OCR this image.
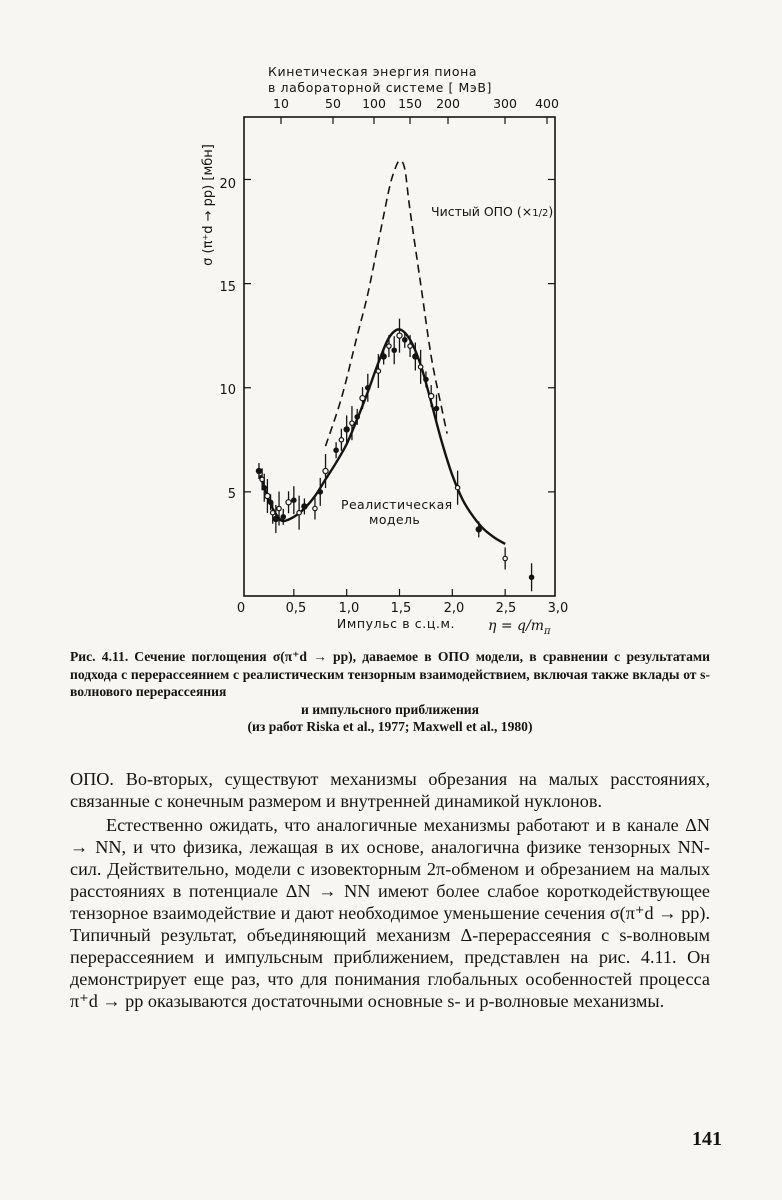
Кинетическая энергия пиона
в лабораторной системе [ МэВ]
10	50 100 150 200	300 400
σ (π⁺d → pp) [мбн]
5
10
15
20
0	0,5 1,0 1,5 2,0 2,5 3,0
Импульс в с.ц.м. $\eta = q/m_\pi$
Чистый ОПО (×1/2)
Реалистическая
модель
Рис. 4.11. Сечение поглощения σ(π⁺d → pp), даваемое в ОПО модели, в сравнении с результатами подхода с перерассеянием с реалистическим тензорным взаимодействием, включая также вклады от s-волнового перерассеяния
и импульсного приближения
(из работ Riska et al., 1977; Maxwell et al., 1980)

ОПО. Во-вторых, существуют механизмы обрезания на малых расстояниях, связанные с конечным размером и внутренней динамикой нуклонов.

Естественно ожидать, что аналогичные механизмы работают и в канале ΔN → NN, и что физика, лежащая в их основе, аналогична физике тензорных NN-сил. Действительно, модели с изовекторным 2π-обменом и обрезанием на малых расстояниях в потенциале ΔN → NN имеют более слабое короткодействующее тензорное взаимодействие и дают необходимое уменьшение сечения σ(π⁺d → pp). Типичный результат, объединяющий механизм Δ-перерассеяния с s-волновым перерассеянием и импульсным приближением, представлен на рис. 4.11. Он демонстрирует еще раз, что для понимания глобальных особенностей процесса π⁺d → pp оказываются достаточными основные s- и p-волновые механизмы.

141
